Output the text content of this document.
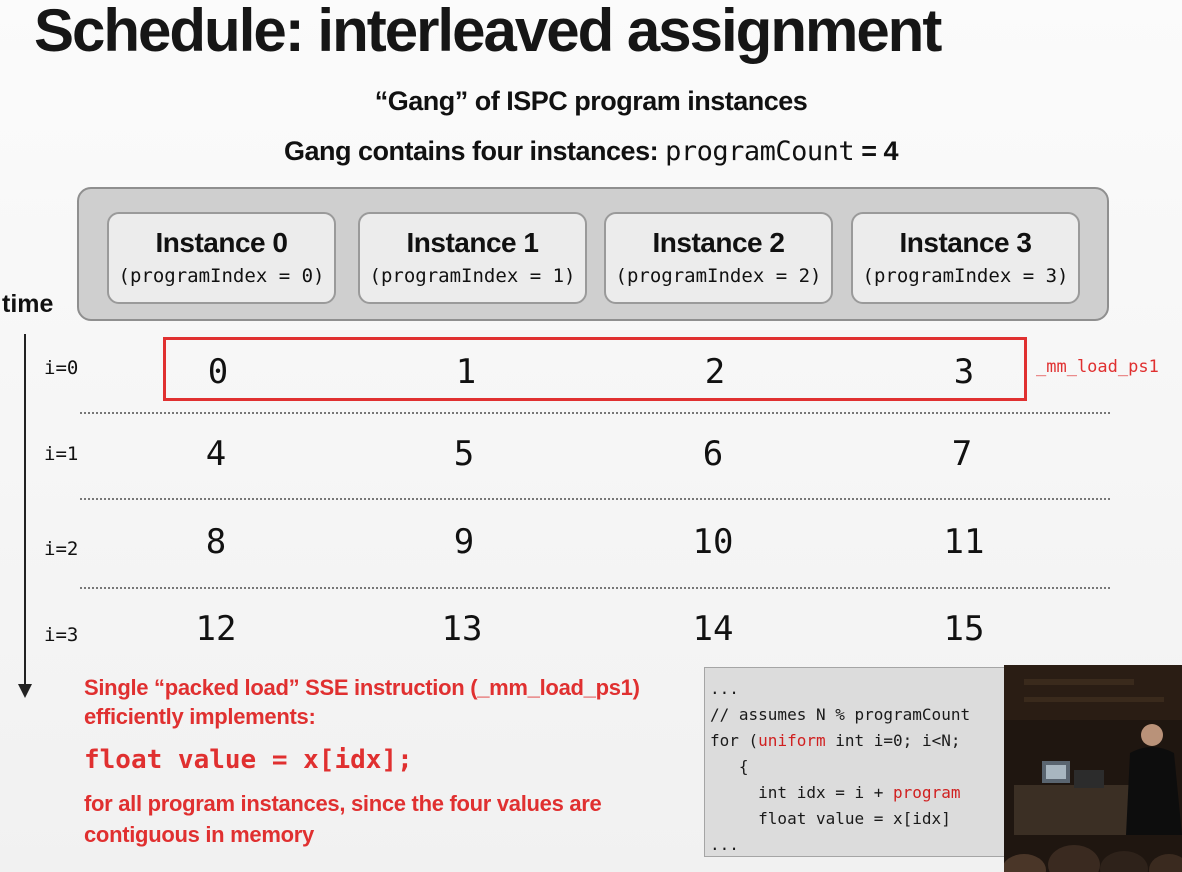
Schedule: interleaved assignment
“Gang” of ISPC program instances
Gang contains four instances: programCount = 4
Instance 0
(programIndex = 0)
Instance 1
(programIndex = 1)
Instance 2
(programIndex = 2)
Instance 3
(programIndex = 3)
time
i=0	0	1	2	3	_mm_load_ps1
i=1	4	5	6	7
i=2	8	9	10	11
i=3	12	13	14	15
Single “packed load” SSE instruction (_mm_load_ps1)
efficiently implements:
float value = x[idx];
for all program instances, since the four values are
contiguous in memory
...
// assumes N % programCount
for (uniform int i=0; i<N;
{
int idx = i + program
float value = x[idx]
...
